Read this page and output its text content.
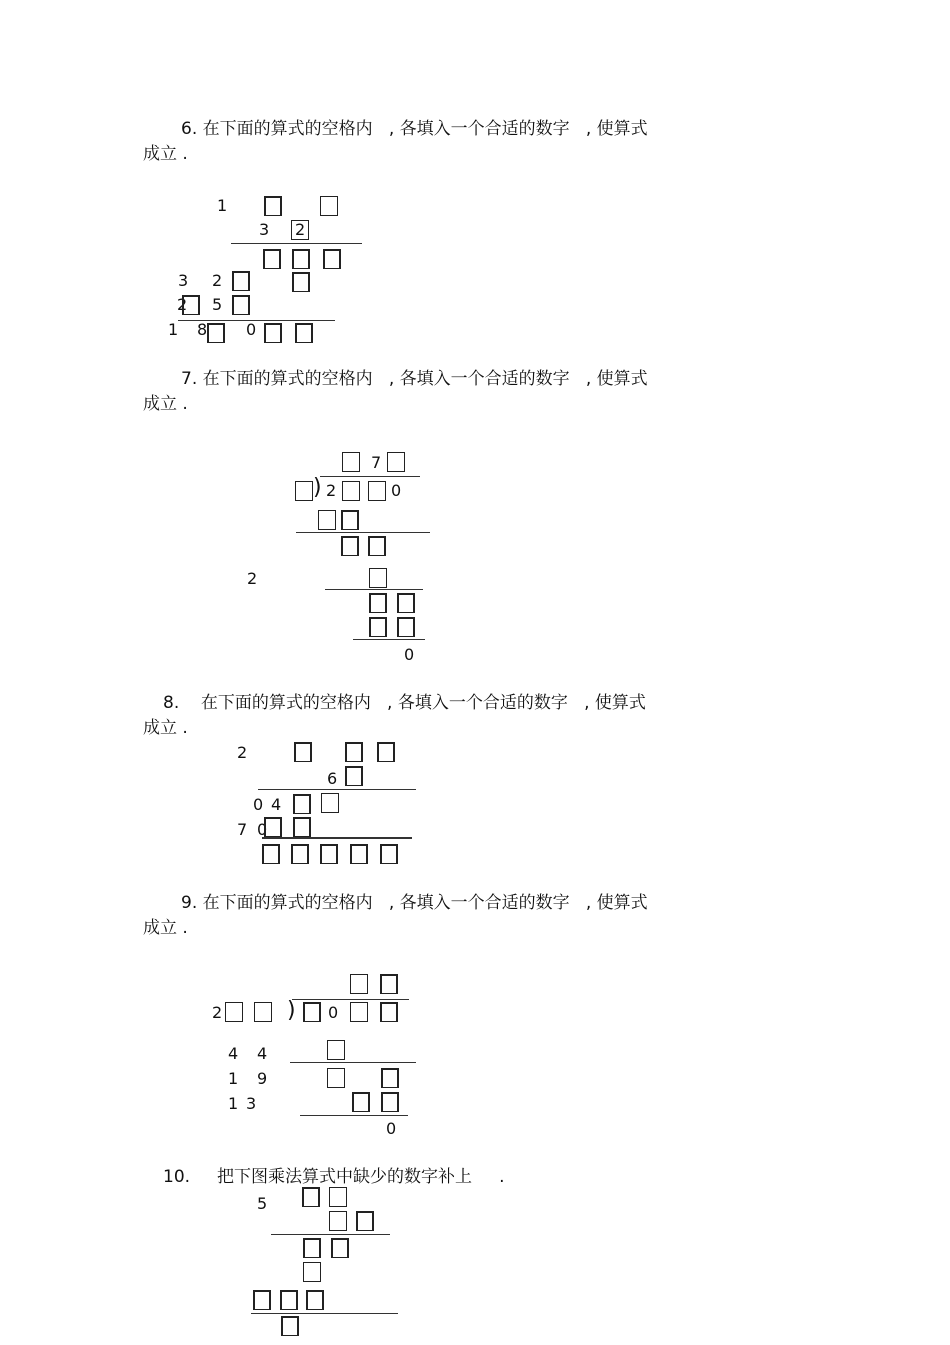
6. 在下面的算式的空格内   , 各填入一个合适的数字   , 使算式
成立 .
1
3 2
3 2
2 5
1 8 0
7. 在下面的算式的空格内   , 各填入一个合适的数字   , 使算式
成立 .
7
) 2	0
2
0
8.    在下面的算式的空格内   , 各填入一个合适的数字   , 使算式
成立 .
2
6
0 4
7 0
9. 在下面的算式的空格内   , 各填入一个合适的数字   , 使算式
成立 .
2	) 0
4 4
1 9
1 3
0
10.     把下图乘法算式中缺少的数字补上     .
5
